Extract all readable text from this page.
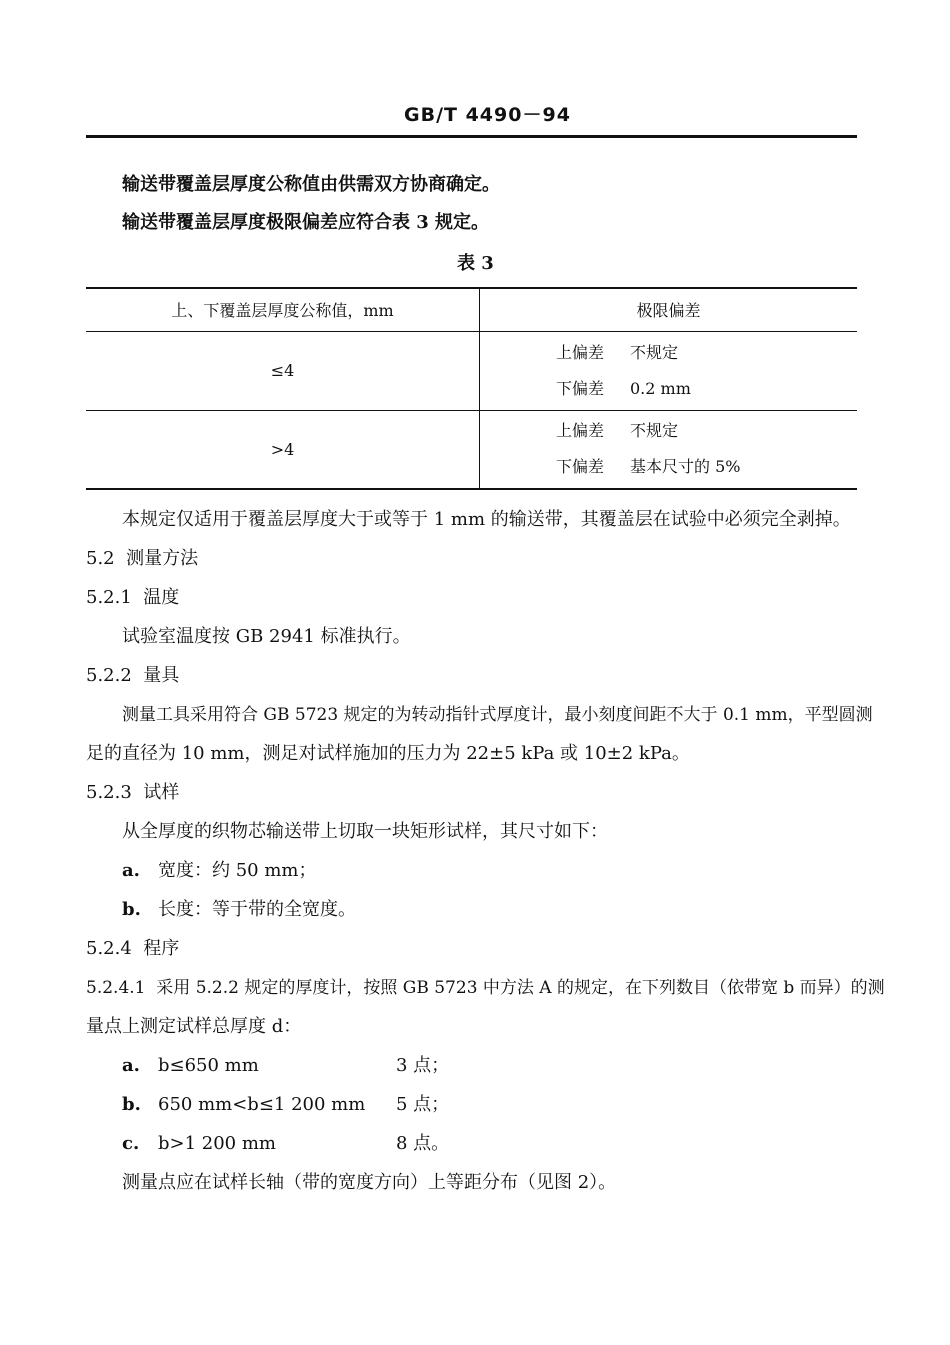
GB/T 4490－94
输送带覆盖层厚度公称值由供需双方协商确定。
输送带覆盖层厚度极限偏差应符合表 3 规定。
表 3
上、下覆盖层厚度公称值，mm	极限偏差
≤4	上偏差 不规定
下偏差 0.2 mm

>4	上偏差 不规定
下偏差 基本尺寸的 5%
本规定仅适用于覆盖层厚度大于或等于 1 mm 的输送带，其覆盖层在试验中必须完全剥掉。
5.2 测量方法
5.2.1 温度
试验室温度按 GB 2941 标准执行。
5.2.2 量具
测量工具采用符合 GB 5723 规定的为转动指针式厚度计，最小刻度间距不大于 0.1 mm，平型圆测
足的直径为 10 mm，测足对试样施加的压力为 22±5 kPa 或 10±2 kPa。
5.2.3 试样
从全厚度的织物芯输送带上切取一块矩形试样，其尺寸如下：
a. 宽度：约 50 mm；
b. 长度：等于带的全宽度。
5.2.4 程序
5.2.4.1 采用 5.2.2 规定的厚度计，按照 GB 5723 中方法 A 的规定，在下列数目（依带宽 b 而异）的测
量点上测定试样总厚度 d：
a. b≤650 mm	3 点；
b. 650 mm<b≤1 200 mm 5 点；
c. b>1 200 mm	8 点。
测量点应在试样长轴（带的宽度方向）上等距分布（见图 2）。
